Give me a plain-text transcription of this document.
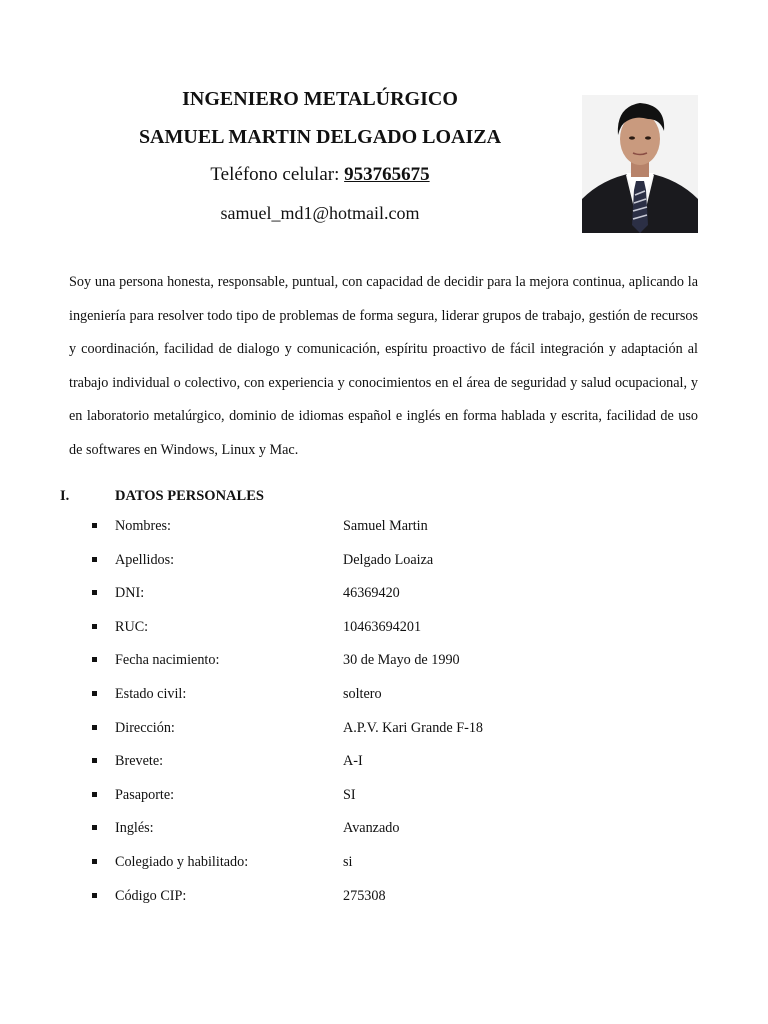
INGENIERO METALÚRGICO
SAMUEL MARTIN DELGADO LOAIZA
Teléfono celular: 953765675
samuel_md1@hotmail.com
Soy una persona honesta, responsable, puntual, con capacidad de decidir para la mejora continua, aplicando la ingeniería para resolver todo tipo de problemas de forma segura, liderar grupos de trabajo, gestión de recursos y coordinación, facilidad de dialogo y comunicación, espíritu proactivo de fácil integración y adaptación al trabajo individual o colectivo, con experiencia y conocimientos en el área de seguridad y salud ocupacional, y en laboratorio metalúrgico, dominio de idiomas español e inglés en forma hablada y escrita, facilidad de uso de softwares en Windows, Linux y Mac.
I.	DATOS PERSONALES
Nombres:	Samuel Martin
Apellidos:	Delgado Loaiza
DNI:	46369420
RUC:	10463694201
Fecha nacimiento:	30 de Mayo de 1990
Estado civil:	soltero
Dirección:	A.P.V. Kari Grande F-18
Brevete:	A-I
Pasaporte:	SI
Inglés:	Avanzado
Colegiado y habilitado:	si
Código CIP:	275308
